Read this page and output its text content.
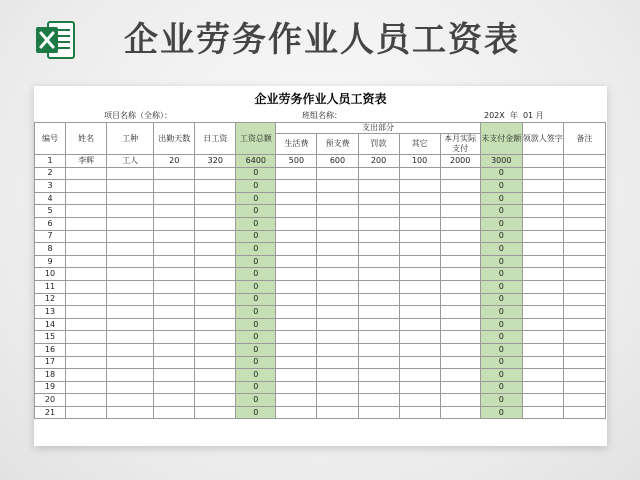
企业劳务作业人员工资表
企业劳务作业人员工资表
项目名称（全称）：	班组名称：	202X 年 01 月
编号	姓名	工种	出勤天数	日工资	工资总额	支出部分					未支付金额	领款人签字	备注
						生活费	预支费	罚款	其它	本月实际支付			
1	李辉	工人	20	320	6400	500	600	200	100	2000	3000		
2					0						0		
3					0						0		
4					0						0		
5					0						0		
6					0						0		
7					0						0		
8					0						0		
9					0						0		
10					0						0		
11					0						0		
12					0						0		
13					0						0		
14					0						0		
15					0						0		
16					0						0		
17					0						0		
18					0						0		
19					0						0		
20					0						0		
21					0						0		
